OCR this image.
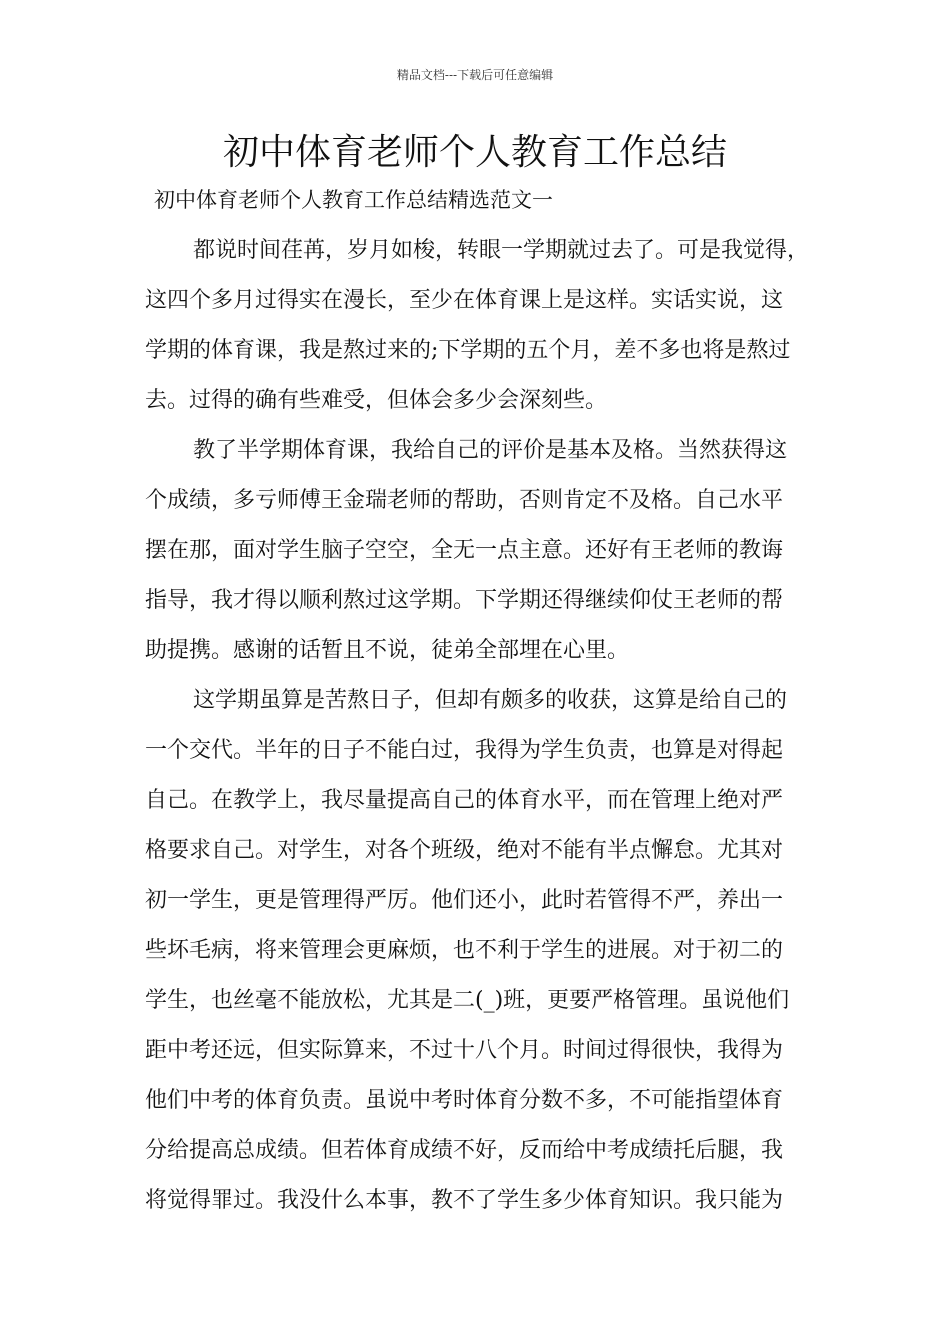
精品文档---下载后可任意编辑
初中体育老师个人教育工作总结
初中体育老师个人教育工作总结精选范文一
都说时间荏苒，岁月如梭，转眼一学期就过去了。可是我觉得，
这四个多月过得实在漫长，至少在体育课上是这样。实话实说，这
学期的体育课，我是熬过来的;下学期的五个月，差不多也将是熬过
去。过得的确有些难受，但体会多少会深刻些。
教了半学期体育课，我给自己的评价是基本及格。当然获得这
个成绩，多亏师傅王金瑞老师的帮助，否则肯定不及格。自己水平
摆在那，面对学生脑子空空，全无一点主意。还好有王老师的教诲
指导，我才得以顺利熬过这学期。下学期还得继续仰仗王老师的帮
助提携。感谢的话暂且不说，徒弟全部埋在心里。
这学期虽算是苦熬日子，但却有颇多的收获，这算是给自己的
一个交代。半年的日子不能白过，我得为学生负责，也算是对得起
自己。在教学上，我尽量提高自己的体育水平，而在管理上绝对严
格要求自己。对学生，对各个班级，绝对不能有半点懈怠。尤其对
初一学生，更是管理得严厉。他们还小，此时若管得不严，养出一
些坏毛病，将来管理会更麻烦，也不利于学生的进展。对于初二的
学生，也丝毫不能放松，尤其是二(_)班，更要严格管理。虽说他们
距中考还远，但实际算来，不过十八个月。时间过得很快，我得为
他们中考的体育负责。虽说中考时体育分数不多，不可能指望体育
分给提高总成绩。但若体育成绩不好，反而给中考成绩托后腿，我
将觉得罪过。我没什么本事，教不了学生多少体育知识。我只能为
